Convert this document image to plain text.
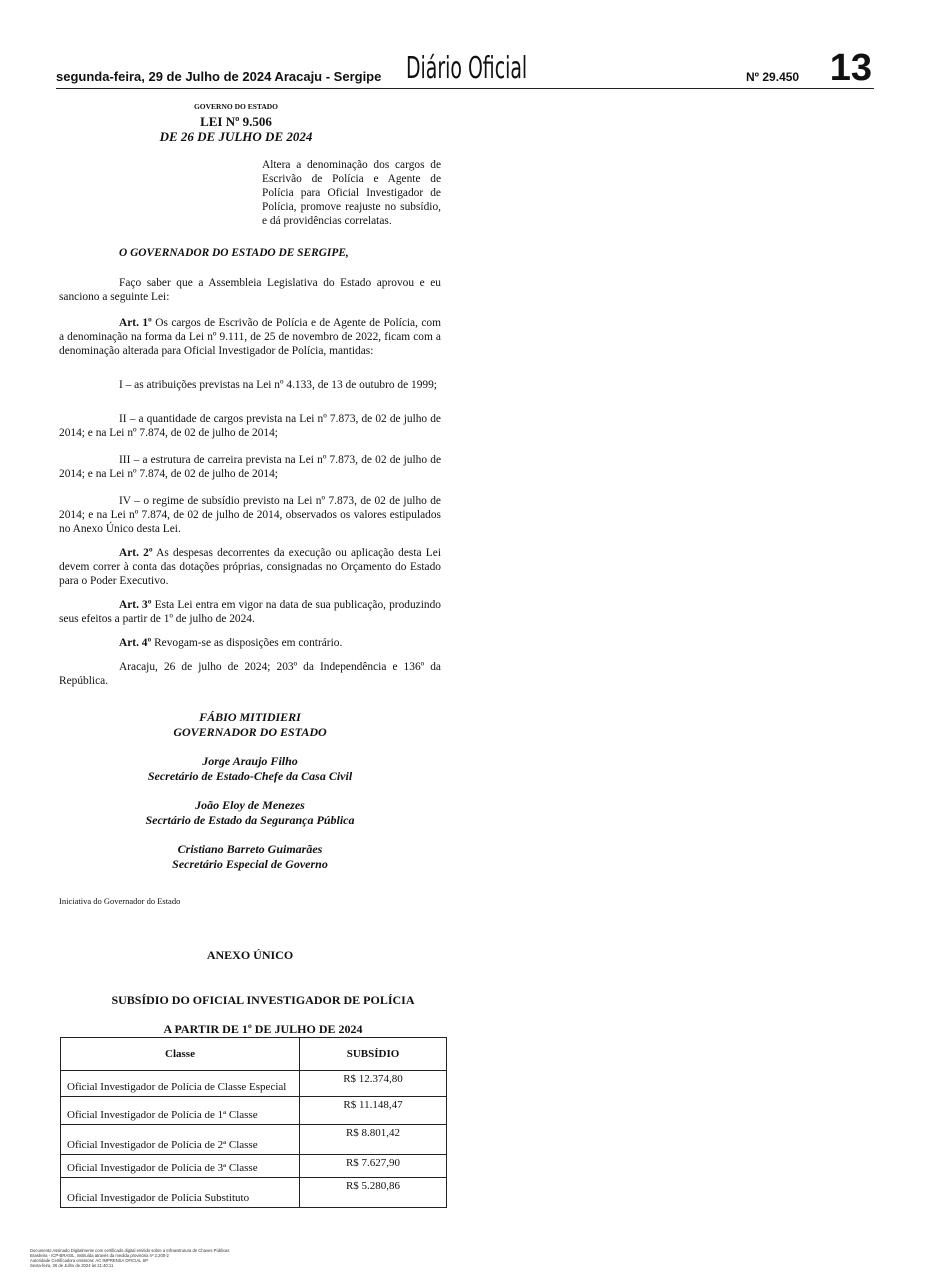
segunda-feira, 29 de Julho de 2024 Aracaju - Sergipe Diário Oficial	Nº 29.450 13
GOVERNO DO ESTADO
LEI Nº 9.506
DE 26 DE JULHO DE 2024
Altera a denominação dos cargos de Escrivão de Polícia e Agente de Polícia para Oficial Investigador de Polícia, promove reajuste no subsídio, e dá providências correlatas.
O GOVERNADOR DO ESTADO DE SERGIPE,

Faço saber que a Assembleia Legislativa do Estado aprovou e eu sanciono a seguinte Lei:

Art. 1º Os cargos de Escrivão de Polícia e de Agente de Polícia, com a denominação na forma da Lei nº 9.111, de 25 de novembro de 2022, ficam com a denominação alterada para Oficial Investigador de Polícia, mantidas:

I – as atribuições previstas na Lei nº 4.133, de 13 de outubro de 1999;

II – a quantidade de cargos prevista na Lei nº 7.873, de 02 de julho de 2014; e na Lei nº 7.874, de 02 de julho de 2014;

III – a estrutura de carreira prevista na Lei nº 7.873, de 02 de julho de 2014; e na Lei nº 7.874, de 02 de julho de 2014;

IV – o regime de subsídio previsto na Lei nº 7.873, de 02 de julho de 2014; e na Lei nº 7.874, de 02 de julho de 2014, observados os valores estipulados no Anexo Único desta Lei.

Art. 2º As despesas decorrentes da execução ou aplicação desta Lei devem correr à conta das dotações próprias, consignadas no Orçamento do Estado para o Poder Executivo.

Art. 3º Esta Lei entra em vigor na data de sua publicação, produzindo seus efeitos a partir de 1º de julho de 2024.

Art. 4º Revogam-se as disposições em contrário.

Aracaju, 26 de julho de 2024; 203º da Independência e 136º da República.

FÁBIO MITIDIERI
GOVERNADOR DO ESTADO
Jorge Araujo Filho
Secretário de Estado-Chefe da Casa Civil
João Eloy de Menezes
Secrtário de Estado da Segurança Pública
Cristiano Barreto Guimarães
Secretário Especial de Governo
Iniciativa do Governador do Estado
ANEXO ÚNICO
SUBSÍDIO DO OFICIAL INVESTIGADOR DE POLÍCIA
A PARTIR DE 1º DE JULHO DE 2024
Classe	SUBSÍDIO
Oficial Investigador de Polícia de Classe Especial	R$ 12.374,80
Oficial Investigador de Polícia de 1ª Classe	R$ 11.148,47
Oficial Investigador de Polícia de 2ª Classe	R$ 8.801,42
Oficial Investigador de Polícia de 3ª Classe	R$ 7.627,90
Oficial Investigador de Polícia Substituto	R$ 5.280,86
Documento Assinado Digitalmente com certificado digital emitido sobre a Infraestrutura de Chaves Públicas
Brasileira - ICP-BRASIL, instituída através da medida provisória nº 2.200-2
Autoridade Certificadora emissora: AC IMPRENSA OFICIAL SP
Sexta-feira, 26 de Julho de 2024 às 21:40:11
